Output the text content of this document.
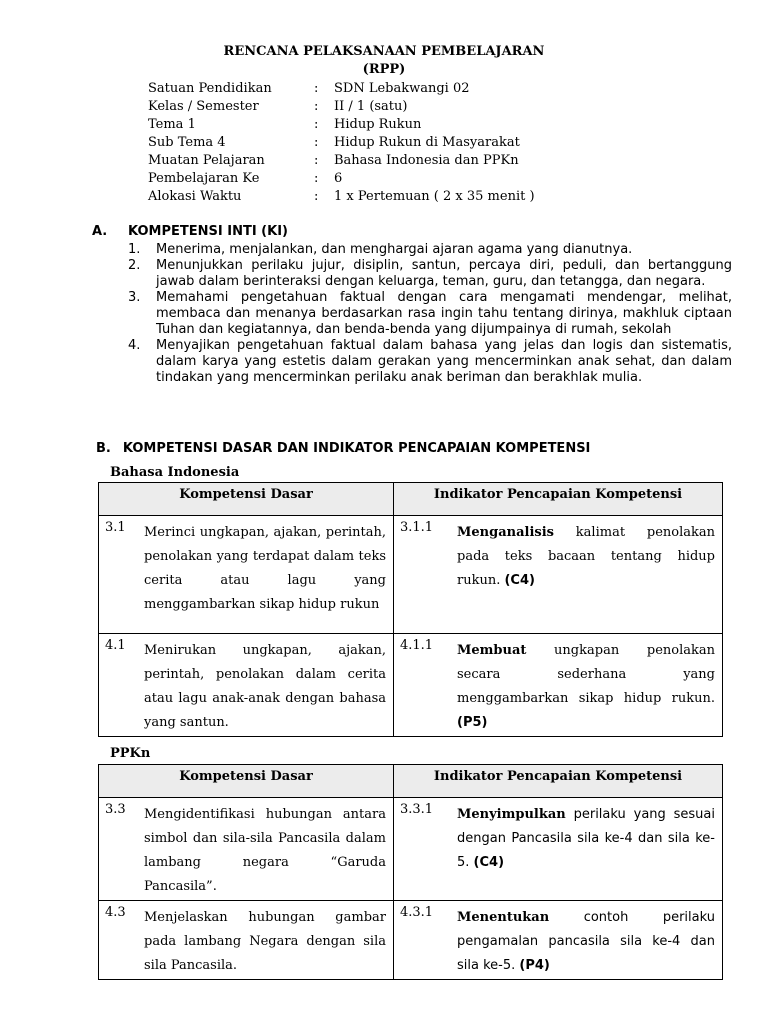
RENCANA PELAKSANAAN PEMBELAJARAN
(RPP)
Satuan Pendidikan	: SDN Lebakwangi 02
Kelas / Semester	: II / 1 (satu)
Tema 1	: Hidup Rukun
Sub Tema 4	: Hidup Rukun di Masyarakat
Muatan Pelajaran	: Bahasa Indonesia dan PPKn
Pembelajaran Ke	: 6
Alokasi Waktu	: 1 x Pertemuan ( 2 x 35 menit )
A. KOMPETENSI INTI (KI)
1. Menerima, menjalankan, dan menghargai ajaran agama yang dianutnya.
2. Menunjukkan perilaku jujur, disiplin, santun, percaya diri, peduli, dan bertanggung jawab dalam berinteraksi dengan keluarga, teman, guru, dan tetangga, dan negara.
3. Memahami pengetahuan faktual dengan cara mengamati mendengar, melihat, membaca dan menanya berdasarkan rasa ingin tahu tentang dirinya, makhluk ciptaan Tuhan dan kegiatannya, dan benda-benda yang dijumpainya di rumah, sekolah
4. Menyajikan pengetahuan faktual dalam bahasa yang jelas dan logis dan sistematis, dalam karya yang estetis dalam gerakan yang mencerminkan anak sehat, dan dalam tindakan yang mencerminkan perilaku anak beriman dan berakhlak mulia.
B. KOMPETENSI DASAR DAN INDIKATOR PENCAPAIAN KOMPETENSI
Bahasa Indonesia
Kompetensi Dasar	Indikator Pencapaian Kompetensi

3.1 Merinci ungkapan, ajakan, perintah, penolakan yang terdapat dalam teks cerita atau lagu yang menggambarkan sikap hidup rukun	3.1.1 Menganalisis kalimat penolakan pada teks bacaan tentang hidup rukun. (C4)

4.1 Menirukan ungkapan, ajakan, perintah, penolakan dalam cerita atau lagu anak-anak dengan bahasa yang santun.	4.1.1 Membuat ungkapan penolakan secara sederhana yang menggambarkan sikap hidup rukun. (P5)
PPKn
Kompetensi Dasar	Indikator Pencapaian Kompetensi

3.3 Mengidentifikasi hubungan antara simbol dan sila-sila Pancasila dalam lambang negara “Garuda Pancasila”.	3.3.1 Menyimpulkan perilaku yang sesuai dengan Pancasila sila ke-4 dan sila ke-5. (C4)

4.3 Menjelaskan hubungan gambar pada lambang Negara dengan sila sila Pancasila.	4.3.1 Menentukan contoh perilaku pengamalan pancasila sila ke-4 dan sila ke-5. (P4)
